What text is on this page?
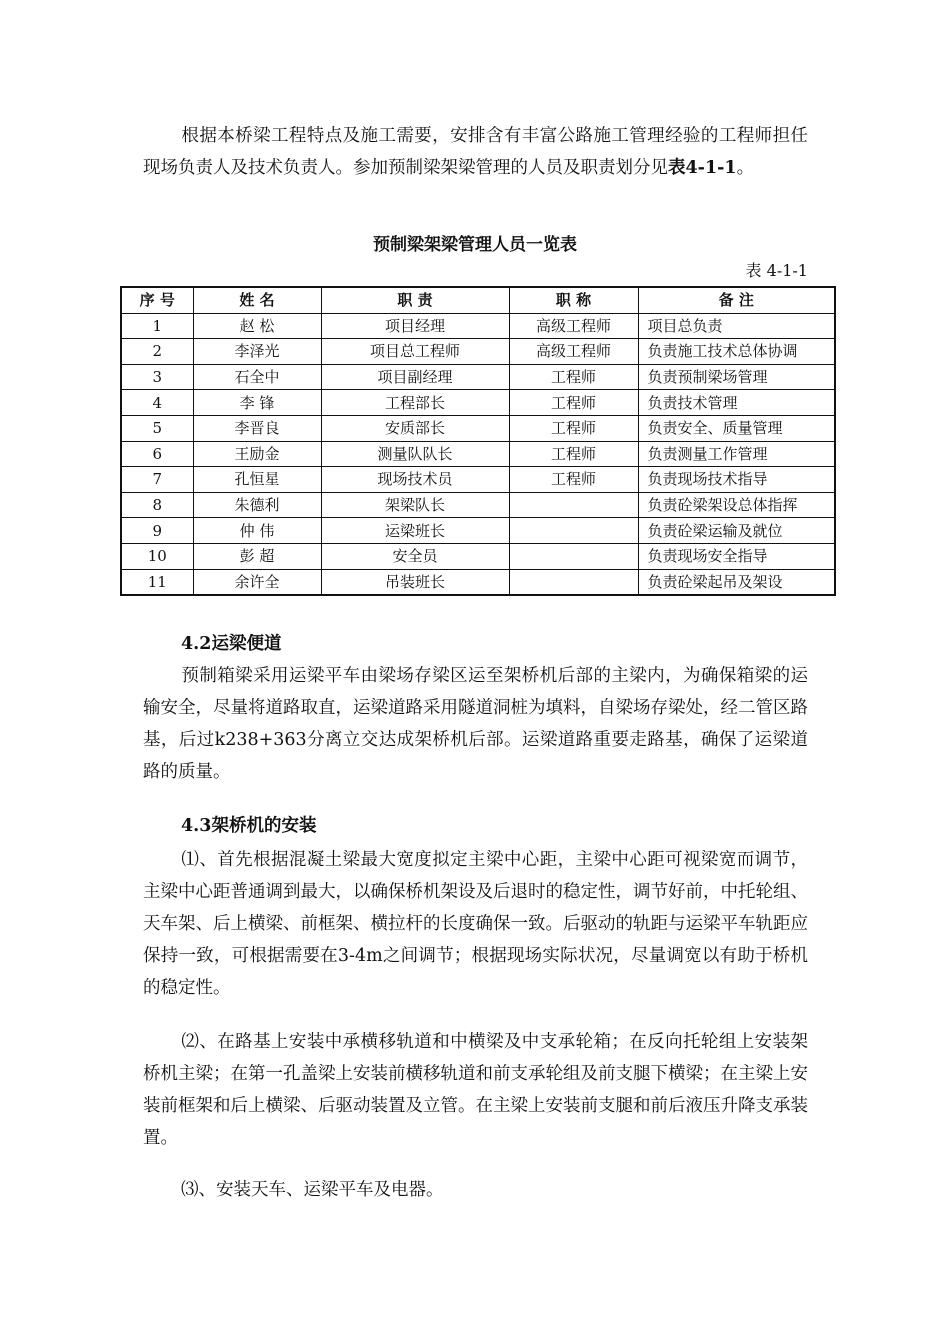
根据本桥梁工程特点及施工需要，安排含有丰富公路施工管理经验的工程师担任现场负责人及技术负责人。参加预制梁架梁管理的人员及职责划分见表4-1-1。

预制梁架梁管理人员一览表
表 4-1-1
序 号	姓 名	职 责	职 称	备 注
1	赵 松	项目经理	高级工程师	项目总负责
2	李泽光	项目总工程师	高级工程师	负责施工技术总体协调
3	石全中	项目副经理	工程师	负责预制梁场管理
4	李 锋	工程部长	工程师	负责技术管理
5	李晋良	安质部长	工程师	负责安全、质量管理
6	王励金	测量队队长	工程师	负责测量工作管理
7	孔恒星	现场技术员	工程师	负责现场技术指导
8	朱德利	架梁队长		负责砼梁架设总体指挥
9	仲 伟	运梁班长		负责砼梁运输及就位
10	彭 超	安全员		负责现场安全指导
11	余许全	吊装班长		负责砼梁起吊及架设
4.2运梁便道

预制箱梁采用运梁平车由梁场存梁区运至架桥机后部的主梁内，为确保箱梁的运输安全，尽量将道路取直，运梁道路采用隧道洞桩为填料，自梁场存梁处，经二管区路基，后过k238+363分离立交达成架桥机后部。运梁道路重要走路基，确保了运梁道路的质量。

4.3架桥机的安装

⑴、首先根据混凝土梁最大宽度拟定主梁中心距，主梁中心距可视梁宽而调节，主梁中心距普通调到最大，以确保桥机架设及后退时的稳定性，调节好前，中托轮组、天车架、后上横梁、前框架、横拉杆的长度确保一致。后驱动的轨距与运梁平车轨距应保持一致，可根据需要在3-4m之间调节；根据现场实际状况，尽量调宽以有助于桥机的稳定性。

⑵、在路基上安装中承横移轨道和中横梁及中支承轮箱；在反向托轮组上安装架桥机主梁；在第一孔盖梁上安装前横移轨道和前支承轮组及前支腿下横梁；在主梁上安装前框架和后上横梁、后驱动装置及立管。在主梁上安装前支腿和前后液压升降支承装置。

⑶、安装天车、运梁平车及电器。
